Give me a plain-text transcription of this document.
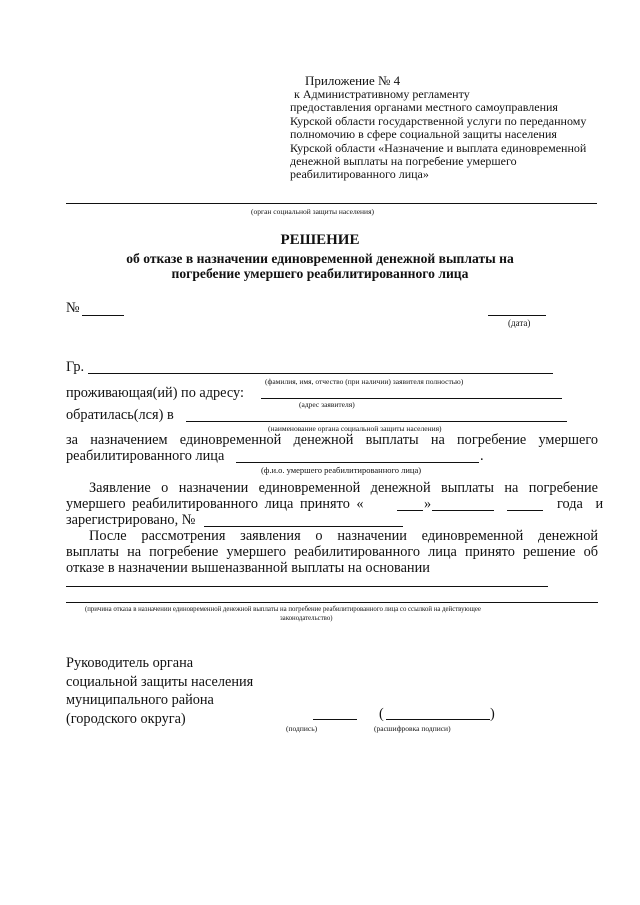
Приложение № 4
к Административному регламенту
предоставления органами местного самоуправления
Курской области государственной услуги по переданному
полномочию в сфере социальной защиты населения
Курской области «Назначение и выплата единовременной
денежной выплаты на погребение умершего
реабилитированного лица»
(орган социальной защиты населения)
РЕШЕНИЕ
об отказе в назначении единовременной денежной выплаты на
погребение умершего реабилитированного лица
№
(дата)
Гр.
(фамилия, имя, отчество (при наличии) заявителя полностью)
проживающая(ий) по адресу:
(адрес заявителя)
обратилась(лся) в
(наименование органа социальной защиты населения)
за назначением единовременной денежной выплаты на погребение умершего
реабилитированного лица	.
(ф.и.о. умершего реабилитированного лица)
Заявление о назначении единовременной денежной выплаты на погребение
умершего реабилитированного лица принято «	»	года и
зарегистрировано, №
После рассмотрения заявления о назначении единовременной денежной
выплаты на погребение умершего реабилитированного лица принято решение об
отказе в назначении вышеназванной выплаты на основании
(причина отказа в назначении единовременной денежной выплаты на погребение реабилитированного лица со ссылкой на действующее
законодательство)
Руководитель органа
социальной защиты населения
муниципального района
(городского округа)
(подпись)
(	)
(расшифровка подписи)
